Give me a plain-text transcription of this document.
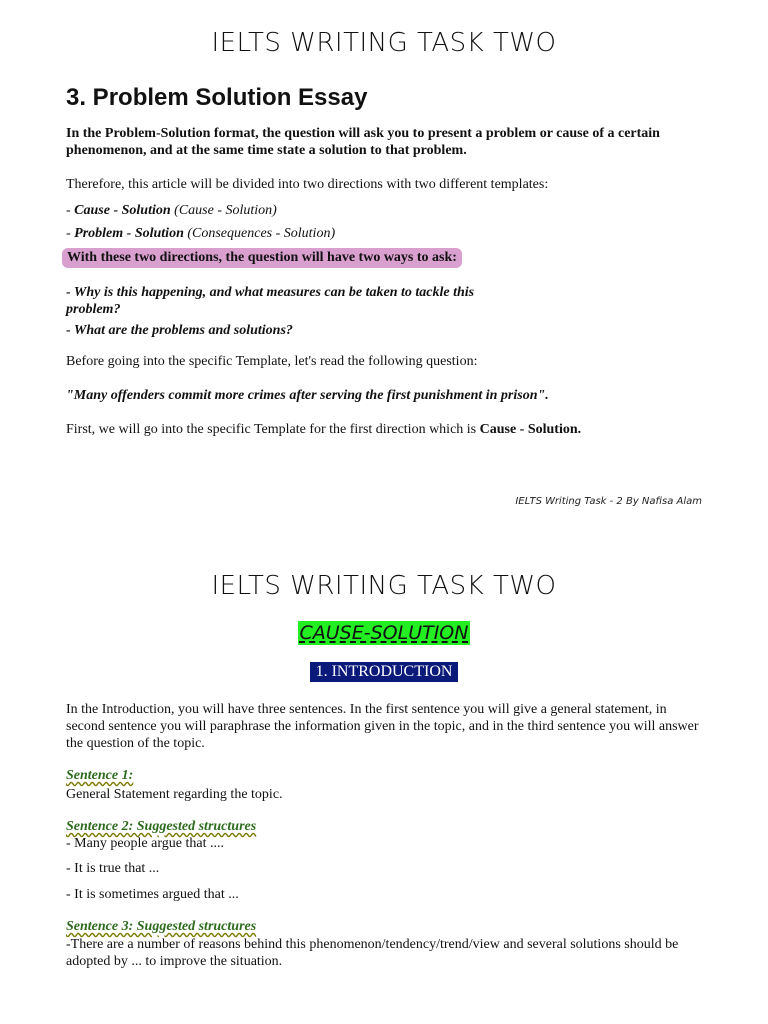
IELTS WRITING TASK TWO
3. Problem Solution Essay
In the Problem-Solution format, the question will ask you to present a problem or cause of a certain phenomenon, and at the same time state a solution to that problem.
Therefore, this article will be divided into two directions with two different templates:
- Cause - Solution (Cause - Solution)
- Problem - Solution (Consequences - Solution)
With these two directions, the question will have two ways to ask:
- Why is this happening, and what measures can be taken to tackle this problem?
- What are the problems and solutions?
Before going into the specific Template, let's read the following question:
"Many offenders commit more crimes after serving the first punishment in prison".
First, we will go into the specific Template for the first direction which is Cause - Solution.
IELTS Writing Task - 2 By Nafisa Alam
IELTS WRITING TASK TWO
CAUSE-SOLUTION
1. INTRODUCTION
In the Introduction, you will have three sentences. In the first sentence you will give a general statement, in second sentence you will paraphrase the information given in the topic, and in the third sentence you will answer the question of the topic.
Sentence 1:
General Statement regarding the topic.
Sentence 2: Suggested structures
- Many people argue that ....
- It is true that ...
- It is sometimes argued that ...
Sentence 3: Suggested structures
-There are a number of reasons behind this phenomenon/tendency/trend/view and several solutions should be adopted by ... to improve the situation.
